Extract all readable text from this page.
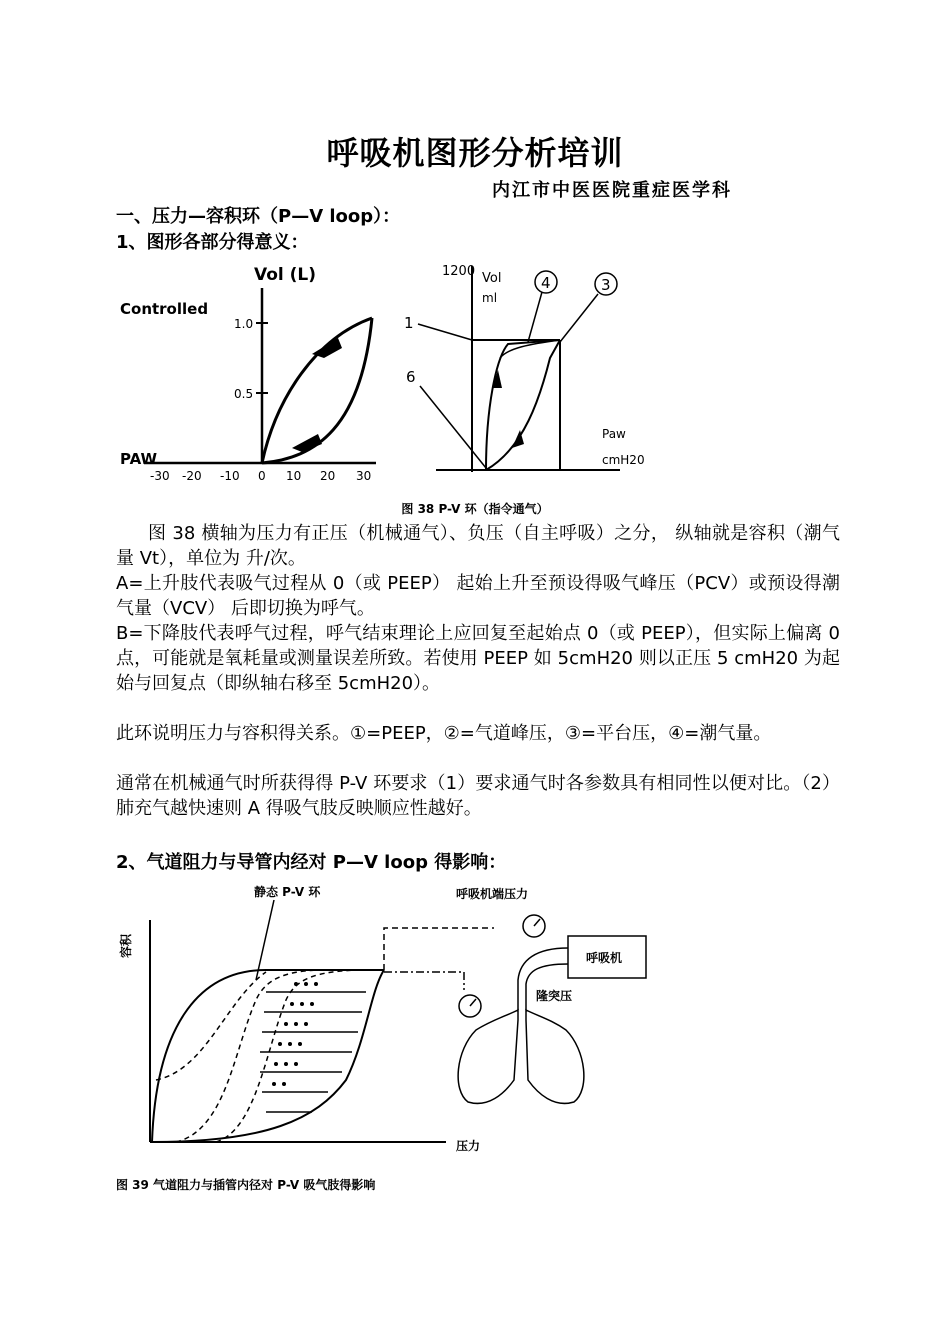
呼吸机图形分析培训
内江市中医医院重症医学科
一、压力—容积环（P—V loop）：
1、图形各部分得意义：
Vol (L)
Controlled
1.0
0.5
PAW
-30 -20 -10 0 10 20 30
1200 Vol
ml
1
6
4	3
Paw
cmH20
图 38 P-V 环（指令通气）
图 38 横轴为压力有正压（机械通气）、负压（自主呼吸）之分， 纵轴就是容积（潮气量 Vt），单位为 升/次。
A=上升肢代表吸气过程从 0（或 PEEP） 起始上升至预设得吸气峰压（PCV）或预设得潮气量（VCV） 后即切换为呼气。
B=下降肢代表呼气过程，呼气结束理论上应回复至起始点 0（或 PEEP），但实际上偏离 0 点，可能就是氧耗量或测量误差所致。若使用 PEEP 如 5cmH20 则以正压 5 cmH20 为起始与回复点（即纵轴右移至 5cmH20）。
此环说明压力与容积得关系。①=PEEP，②=气道峰压，③=平台压，④=潮气量。
通常在机械通气时所获得得 P-V 环要求（1）要求通气时各参数具有相同性以便对比。（2）肺充气越快速则 A 得吸气肢反映顺应性越好。
2、气道阻力与导管内经对 P—V loop 得影响：
静态 P-V 环	呼吸机端压力
容积
压力
呼吸机
隆突压
图 39 气道阻力与插管内径对 P-V 吸气肢得影响
